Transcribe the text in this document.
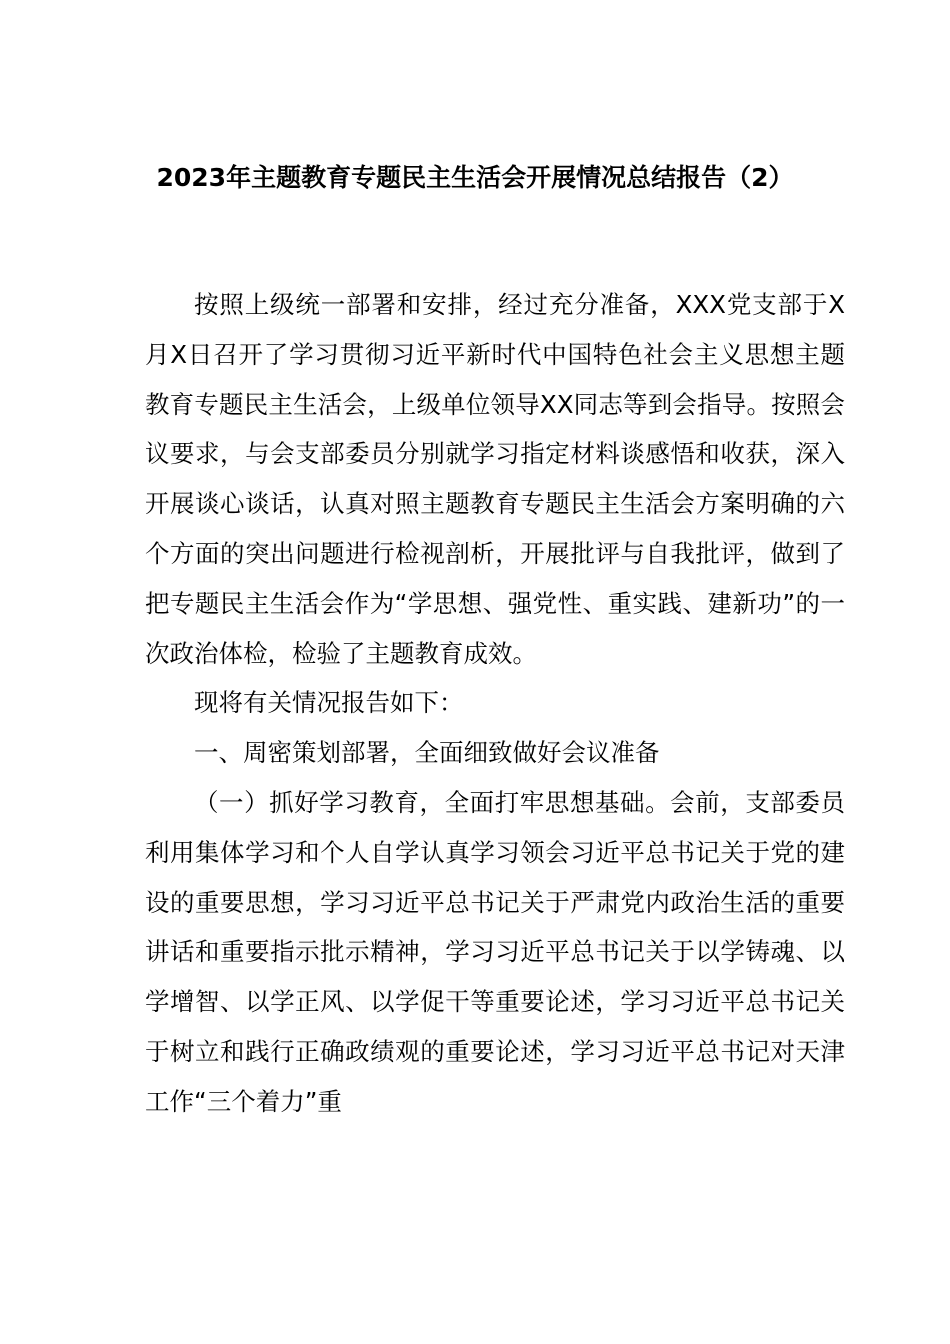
2023年主题教育专题民主生活会开展情况总结报告（2）

按照上级统一部署和安排，经过充分准备，XXX党支部于X月X日召开了学习贯彻习近平新时代中国特色社会主义思想主题教育专题民主生活会，上级单位领导XX同志等到会指导。按照会议要求，与会支部委员分别就学习指定材料谈感悟和收获，深入开展谈心谈话，认真对照主题教育专题民主生活会方案明确的六个方面的突出问题进行检视剖析，开展批评与自我批评，做到了把专题民主生活会作为“学思想、强党性、重实践、建新功”的一次政治体检，检验了主题教育成效。

现将有关情况报告如下：

一、周密策划部署，全面细致做好会议准备

（一）抓好学习教育，全面打牢思想基础。会前，支部委员利用集体学习和个人自学认真学习领会习近平总书记关于党的建设的重要思想，学习习近平总书记关于严肃党内政治生活的重要讲话和重要指示批示精神，学习习近平总书记关于以学铸魂、以学增智、以学正风、以学促干等重要论述，学习习近平总书记关于树立和践行正确政绩观的重要论述，学习习近平总书记对天津工作“三个着力”重
